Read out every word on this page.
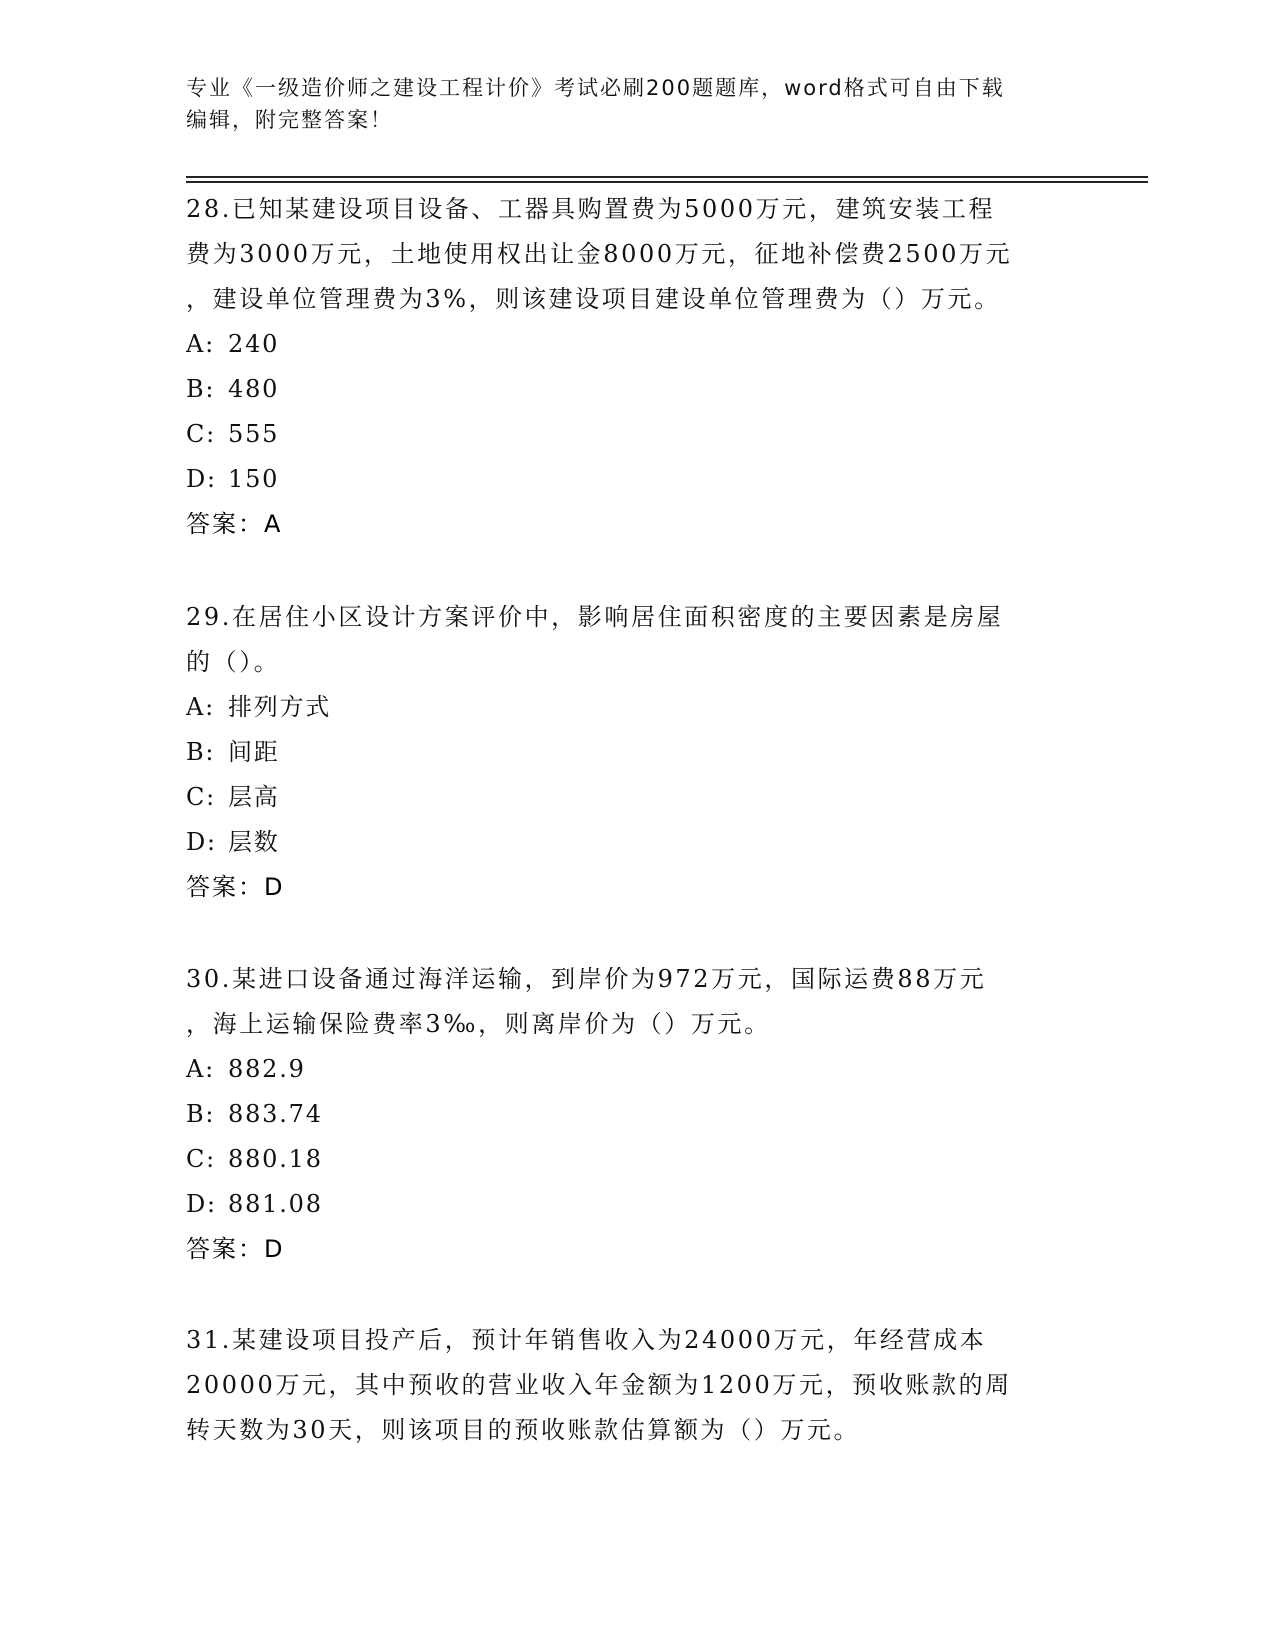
专业《一级造价师之建设工程计价》考试必刷200题题库，word格式可自由下载
编辑，附完整答案！
28.已知某建设项目设备、工器具购置费为5000万元，建筑安装工程
费为3000万元，土地使用权出让金8000万元，征地补偿费2500万元
，建设单位管理费为3%，则该建设项目建设单位管理费为（）万元。
A: 240
B: 480
C: 555
D: 150
答案：A
29.在居住小区设计方案评价中，影响居住面积密度的主要因素是房屋
的（）。
A: 排列方式
B: 间距
C: 层高
D: 层数
答案：D
30.某进口设备通过海洋运输，到岸价为972万元，国际运费88万元
，海上运输保险费率3‰，则离岸价为（）万元。
A: 882.9
B: 883.74
C: 880.18
D: 881.08
答案：D
31.某建设项目投产后，预计年销售收入为24000万元，年经营成本
20000万元，其中预收的营业收入年金额为1200万元，预收账款的周
转天数为30天，则该项目的预收账款估算额为（）万元。
